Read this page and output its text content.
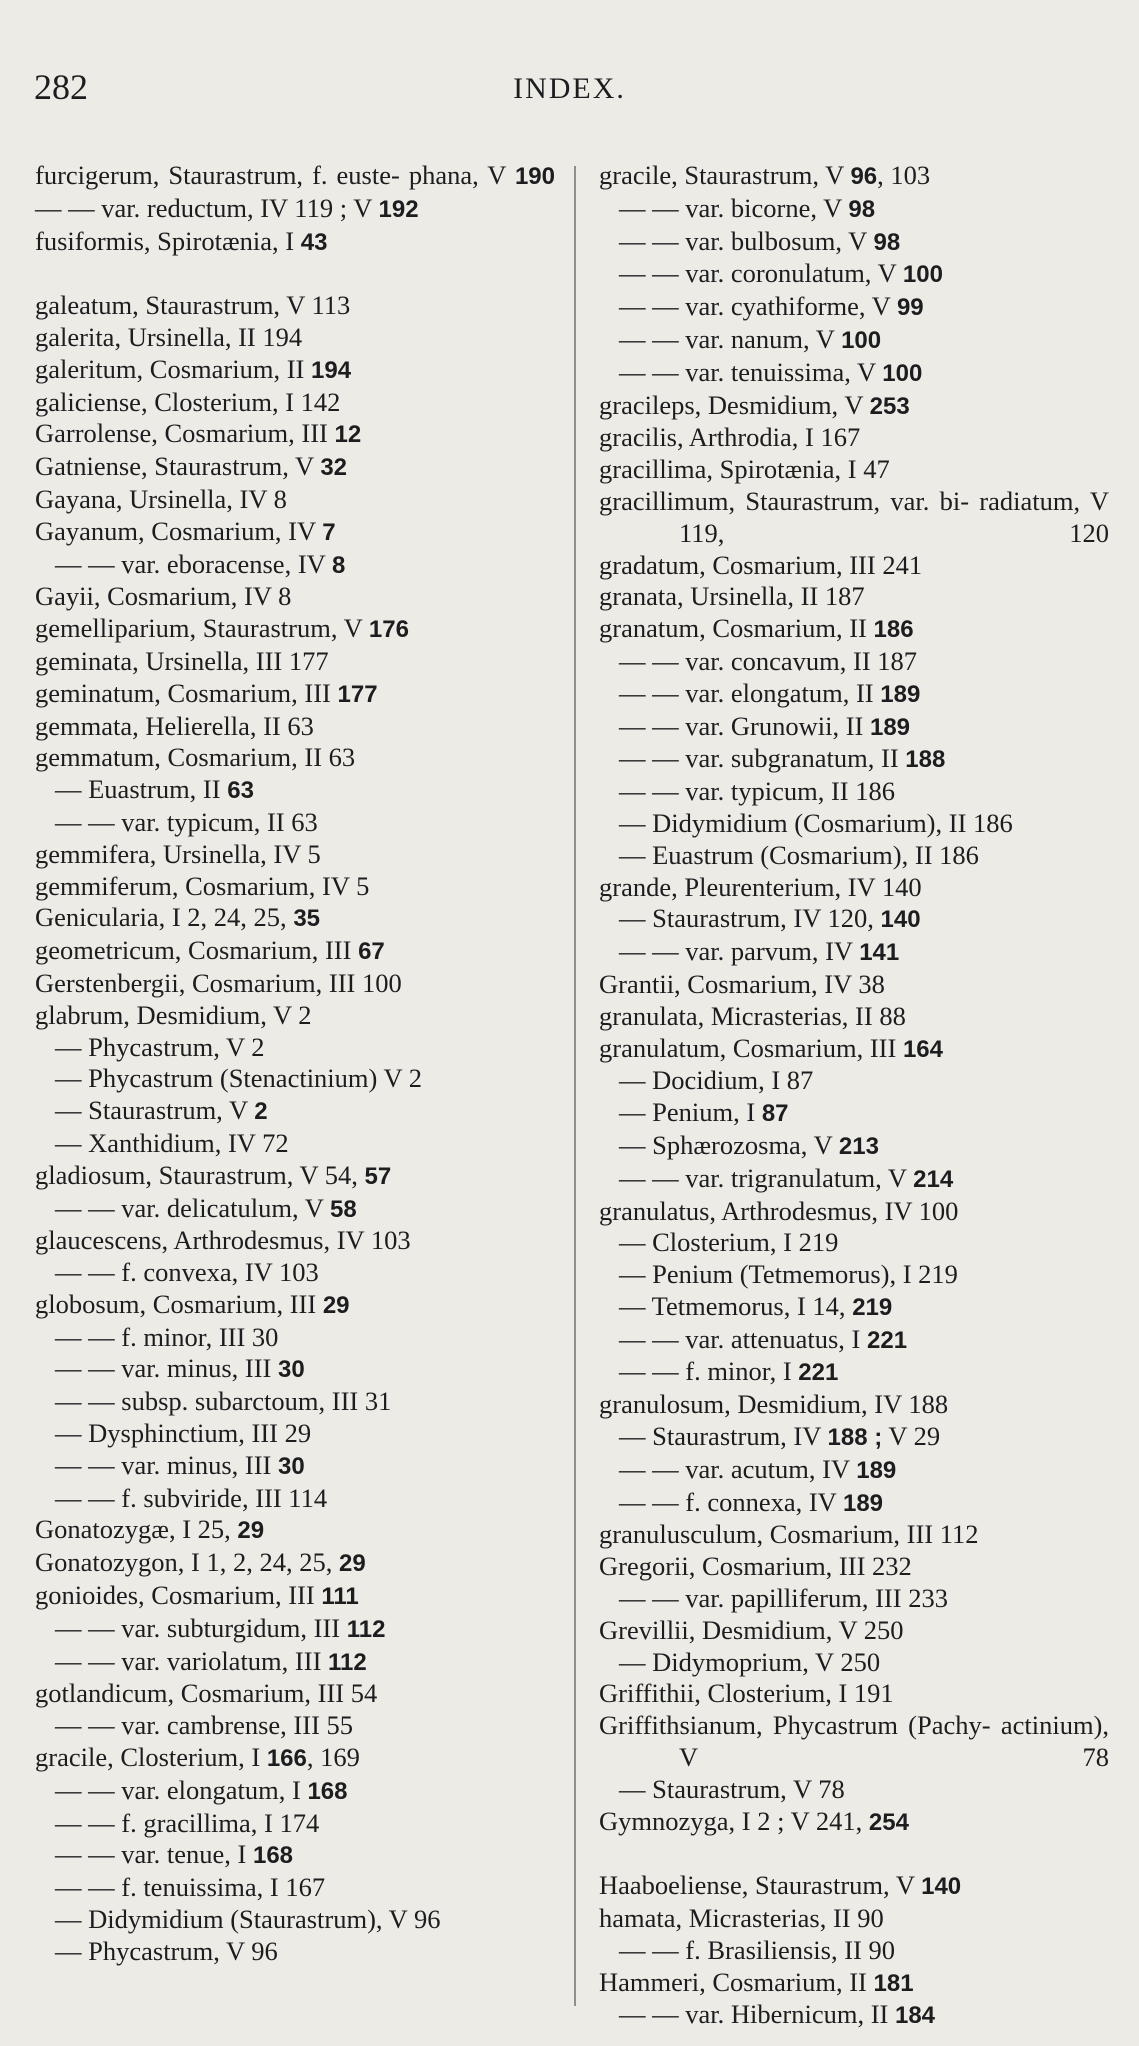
282	INDEX.
furcigerum, Staurastrum, f. euste- phana, V 190
— — var. reductum, IV 119 ; V 192
fusiformis, Spirotænia, I 43
galeatum, Staurastrum, V 113
galerita, Ursinella, II 194
galeritum, Cosmarium, II 194
galiciense, Closterium, I 142
Garrolense, Cosmarium, III 12
Gatniense, Staurastrum, V 32
Gayana, Ursinella, IV 8
Gayanum, Cosmarium, IV 7
— — var. eboracense, IV 8
Gayii, Cosmarium, IV 8
gemelliparium, Staurastrum, V 176
geminata, Ursinella, III 177
geminatum, Cosmarium, III 177
gemmata, Helierella, II 63
gemmatum, Cosmarium, II 63
— Euastrum, II 63
— — var. typicum, II 63
gemmifera, Ursinella, IV 5
gemmiferum, Cosmarium, IV 5
Genicularia, I 2, 24, 25, 35
geometricum, Cosmarium, III 67
Gerstenbergii, Cosmarium, III 100
glabrum, Desmidium, V 2
— Phycastrum, V 2
— Phycastrum (Stenactinium) V 2
— Staurastrum, V 2
— Xanthidium, IV 72
gladiosum, Staurastrum, V 54, 57
— — var. delicatulum, V 58
glaucescens, Arthrodesmus, IV 103
— — f. convexa, IV 103
globosum, Cosmarium, III 29
— — f. minor, III 30
— — var. minus, III 30
— — subsp. subarctoum, III 31
— Dysphinctium, III 29
— — var. minus, III 30
— — f. subviride, III 114
Gonatozygæ, I 25, 29
Gonatozygon, I 1, 2, 24, 25, 29
gonioides, Cosmarium, III 111
— — var. subturgidum, III 112
— — var. variolatum, III 112
gotlandicum, Cosmarium, III 54
— — var. cambrense, III 55
gracile, Closterium, I 166, 169
— — var. elongatum, I 168
— — f. gracillima, I 174
— — var. tenue, I 168
— — f. tenuissima, I 167
— Didymidium (Staurastrum), V 96
— Phycastrum, V 96
gracile, Staurastrum, V 96, 103
— — var. bicorne, V 98
— — var. bulbosum, V 98
— — var. coronulatum, V 100
— — var. cyathiforme, V 99
— — var. nanum, V 100
— — var. tenuissima, V 100
gracileps, Desmidium, V 253
gracilis, Arthrodia, I 167
gracillima, Spirotænia, I 47
gracillimum, Staurastrum, var. bi- radiatum, V 119, 120
gradatum, Cosmarium, III 241
granata, Ursinella, II 187
granatum, Cosmarium, II 186
— — var. concavum, II 187
— — var. elongatum, II 189
— — var. Grunowii, II 189
— — var. subgranatum, II 188
— — var. typicum, II 186
— Didymidium (Cosmarium), II 186
— Euastrum (Cosmarium), II 186
grande, Pleurenterium, IV 140
— Staurastrum, IV 120, 140
— — var. parvum, IV 141
Grantii, Cosmarium, IV 38
granulata, Micrasterias, II 88
granulatum, Cosmarium, III 164
— Docidium, I 87
— Penium, I 87
— Sphærozosma, V 213
— — var. trigranulatum, V 214
granulatus, Arthrodesmus, IV 100
— Closterium, I 219
— Penium (Tetmemorus), I 219
— Tetmemorus, I 14, 219
— — var. attenuatus, I 221
— — f. minor, I 221
granulosum, Desmidium, IV 188
— Staurastrum, IV 188 ; V 29
— — var. acutum, IV 189
— — f. connexa, IV 189
granulusculum, Cosmarium, III 112
Gregorii, Cosmarium, III 232
— — var. papilliferum, III 233
Grevillii, Desmidium, V 250
— Didymoprium, V 250
Griffithii, Closterium, I 191
Griffithsianum, Phycastrum (Pachy- actinium), V 78
— Staurastrum, V 78
Gymnozyga, I 2 ; V 241, 254
Haaboeliense, Staurastrum, V 140
hamata, Micrasterias, II 90
— — f. Brasiliensis, II 90
Hammeri, Cosmarium, II 181
— — var. Hibernicum, II 184
